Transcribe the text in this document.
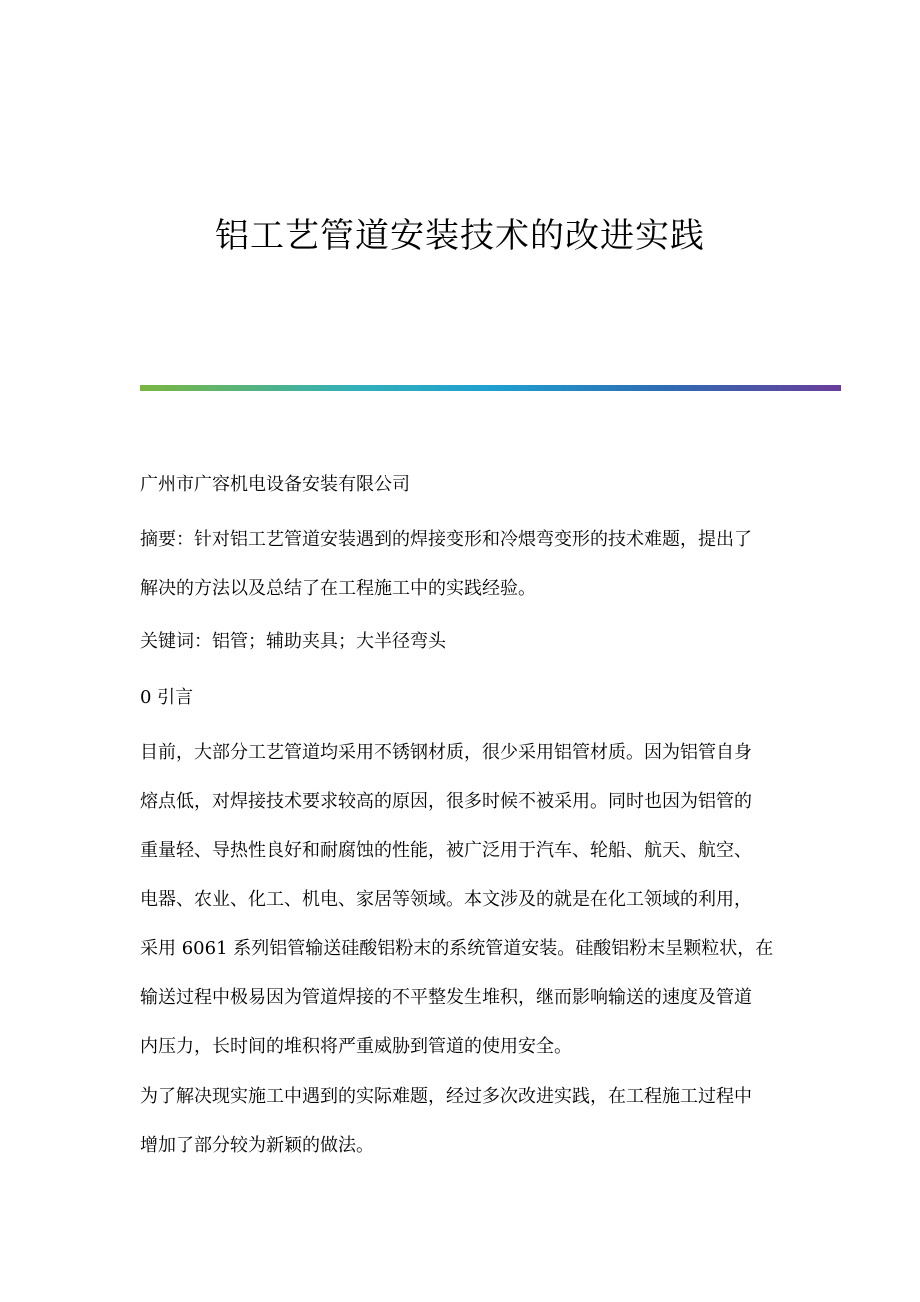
铝工艺管道安装技术的改进实践

广州市广容机电设备安装有限公司

摘要：针对铝工艺管道安装遇到的焊接变形和冷煨弯变形的技术难题，提出了
解决的方法以及总结了在工程施工中的实践经验。

关键词：铝管；辅助夹具；大半径弯头

0 引言

目前，大部分工艺管道均采用不锈钢材质，很少采用铝管材质。因为铝管自身
熔点低，对焊接技术要求较高的原因，很多时候不被采用。同时也因为铝管的
重量轻、导热性良好和耐腐蚀的性能，被广泛用于汽车、轮船、航天、航空、
电器、农业、化工、机电、家居等领域。本文涉及的就是在化工领域的利用，
采用 6061 系列铝管输送硅酸铝粉末的系统管道安装。硅酸铝粉末呈颗粒状，在
输送过程中极易因为管道焊接的不平整发生堆积，继而影响输送的速度及管道
内压力，长时间的堆积将严重威胁到管道的使用安全。
为了解决现实施工中遇到的实际难题，经过多次改进实践，在工程施工过程中
增加了部分较为新颖的做法。
